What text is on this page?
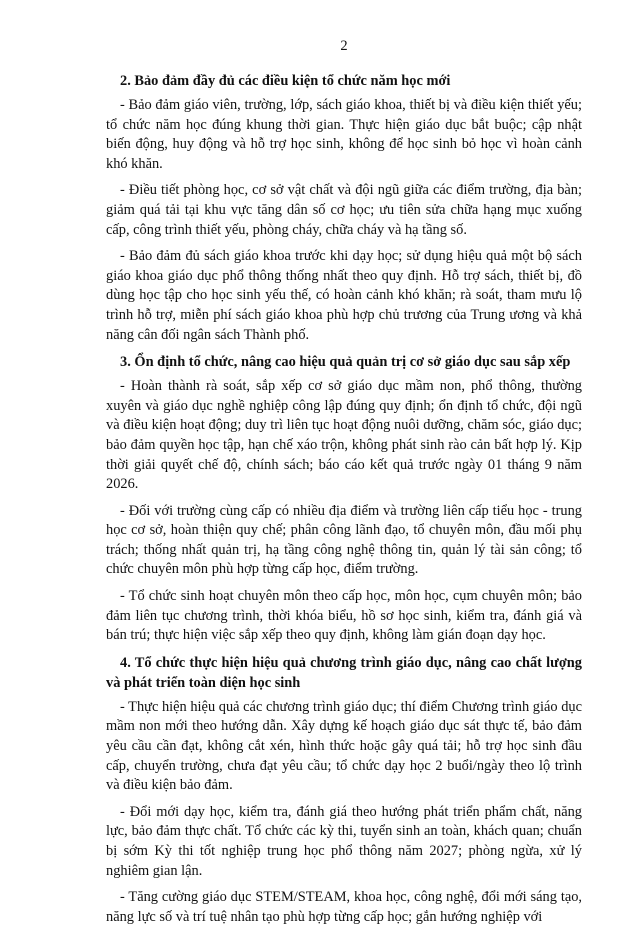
2
2. Bảo đảm đầy đủ các điều kiện tổ chức năm học mới

- Bảo đảm giáo viên, trường, lớp, sách giáo khoa, thiết bị và điều kiện thiết yếu; tổ chức năm học đúng khung thời gian. Thực hiện giáo dục bắt buộc; cập nhật biến động, huy động và hỗ trợ học sinh, không để học sinh bỏ học vì hoàn cảnh khó khăn.

- Điều tiết phòng học, cơ sở vật chất và đội ngũ giữa các điểm trường, địa bàn; giảm quá tải tại khu vực tăng dân số cơ học; ưu tiên sửa chữa hạng mục xuống cấp, công trình thiết yếu, phòng cháy, chữa cháy và hạ tầng số.

- Bảo đảm đủ sách giáo khoa trước khi dạy học; sử dụng hiệu quả một bộ sách giáo khoa giáo dục phổ thông thống nhất theo quy định. Hỗ trợ sách, thiết bị, đồ dùng học tập cho học sinh yếu thế, có hoàn cảnh khó khăn; rà soát, tham mưu lộ trình hỗ trợ, miễn phí sách giáo khoa phù hợp chủ trương của Trung ương và khả năng cân đối ngân sách Thành phố.

3. Ổn định tổ chức, nâng cao hiệu quả quản trị cơ sở giáo dục sau sắp xếp

- Hoàn thành rà soát, sắp xếp cơ sở giáo dục mầm non, phổ thông, thường xuyên và giáo dục nghề nghiệp công lập đúng quy định; ổn định tổ chức, đội ngũ và điều kiện hoạt động; duy trì liên tục hoạt động nuôi dưỡng, chăm sóc, giáo dục; bảo đảm quyền học tập, hạn chế xáo trộn, không phát sinh rào cản bất hợp lý. Kịp thời giải quyết chế độ, chính sách; báo cáo kết quả trước ngày 01 tháng 9 năm 2026.

- Đối với trường cùng cấp có nhiều địa điểm và trường liên cấp tiểu học - trung học cơ sở, hoàn thiện quy chế; phân công lãnh đạo, tổ chuyên môn, đầu mối phụ trách; thống nhất quản trị, hạ tầng công nghệ thông tin, quản lý tài sản công; tổ chức chuyên môn phù hợp từng cấp học, điểm trường.

- Tổ chức sinh hoạt chuyên môn theo cấp học, môn học, cụm chuyên môn; bảo đảm liên tục chương trình, thời khóa biểu, hồ sơ học sinh, kiểm tra, đánh giá và bán trú; thực hiện việc sắp xếp theo quy định, không làm gián đoạn dạy học.

4. Tổ chức thực hiện hiệu quả chương trình giáo dục, nâng cao chất lượng và phát triển toàn diện học sinh

- Thực hiện hiệu quả các chương trình giáo dục; thí điểm Chương trình giáo dục mầm non mới theo hướng dẫn. Xây dựng kế hoạch giáo dục sát thực tế, bảo đảm yêu cầu cần đạt, không cắt xén, hình thức hoặc gây quá tải; hỗ trợ học sinh đầu cấp, chuyển trường, chưa đạt yêu cầu; tổ chức dạy học 2 buổi/ngày theo lộ trình và điều kiện bảo đảm.

- Đổi mới dạy học, kiểm tra, đánh giá theo hướng phát triển phẩm chất, năng lực, bảo đảm thực chất. Tổ chức các kỳ thi, tuyển sinh an toàn, khách quan; chuẩn bị sớm Kỳ thi tốt nghiệp trung học phổ thông năm 2027; phòng ngừa, xử lý nghiêm gian lận.

- Tăng cường giáo dục STEM/STEAM, khoa học, công nghệ, đổi mới sáng tạo, năng lực số và trí tuệ nhân tạo phù hợp từng cấp học; gắn hướng nghiệp với
